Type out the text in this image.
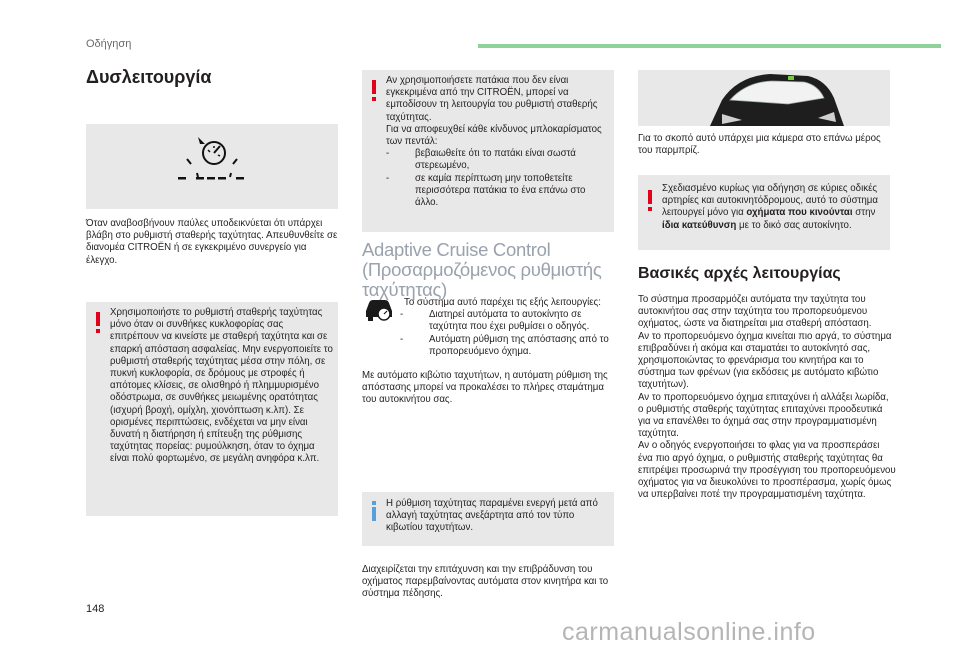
Οδήγηση
Δυσλειτουργία
Όταν αναβοσβήνουν παύλες υποδεικνύεται ότι υπάρχει βλάβη στο ρυθμιστή σταθερής ταχύτητας. Απευθυνθείτε σε διανομέα CITROËN ή σε εγκεκριμένο συνεργείο για έλεγχο.
Χρησιμοποιήστε το ρυθμιστή σταθερής ταχύτητας μόνο όταν οι συνθήκες κυκλοφορίας σας επιτρέπουν να κινείστε με σταθερή ταχύτητα και σε επαρκή απόσταση ασφαλείας. Μην ενεργοποιείτε το ρυθμιστή σταθερής ταχύτητας μέσα στην πόλη, σε πυκνή κυκλοφορία, σε δρόμους με στροφές ή απότομες κλίσεις, σε ολισθηρό ή πλημμυρισμένο οδόστρωμα, σε συνθήκες μειωμένης ορατότητας (ισχυρή βροχή, ομίχλη, χιονόπτωση κ.λπ). Σε ορισμένες περιπτώσεις, ενδέχεται να μην είναι δυνατή η διατήρηση ή επίτευξη της ρύθμισης ταχύτητας πορείας: ρυμούλκηση, όταν το όχημα είναι πολύ φορτωμένο, σε μεγάλη ανηφόρα κ.λπ.
Αν χρησιμοποιήσετε πατάκια που δεν είναι εγκεκριμένα από την CITROËN, μπορεί να εμποδίσουν τη λειτουργία του ρυθμιστή σταθερής ταχύτητας.
Για να αποφευχθεί κάθε κίνδυνος μπλοκαρίσματος των πεντάλ:
- βεβαιωθείτε ότι το πατάκι είναι σωστά στερεωμένο,
- σε καμία περίπτωση μην τοποθετείτε περισσότερα πατάκια το ένα επάνω στο άλλο.
Adaptive Cruise Control (Προσαρμοζόμενος ρυθμιστής ταχύτητας)
Το σύστημα αυτό παρέχει τις εξής λειτουργίες:
- Διατηρεί αυτόματα το αυτοκίνητο σε ταχύτητα που έχει ρυθμίσει ο οδηγός.
- Αυτόματη ρύθμιση της απόστασης από το προπορευόμενο όχημα.
Με αυτόματο κιβώτιο ταχυτήτων, η αυτόματη ρύθμιση της απόστασης μπορεί να προκαλέσει το πλήρες σταμάτημα του αυτοκινήτου σας.
Η ρύθμιση ταχύτητας παραμένει ενεργή μετά από αλλαγή ταχύτητας ανεξάρτητα από τον τύπο κιβωτίου ταχυτήτων.
Διαχειρίζεται την επιτάχυνση και την επιβράδυνση του οχήματος παρεμβαίνοντας αυτόματα στον κινητήρα και το σύστημα πέδησης.
Για το σκοπό αυτό υπάρχει μια κάμερα στο επάνω μέρος του παρμπρίζ.
Σχεδιασμένο κυρίως για οδήγηση σε κύριες οδικές αρτηρίες και αυτοκινητόδρομους, αυτό το σύστημα λειτουργεί μόνο για οχήματα που κινούνται στην ίδια κατεύθυνση με το δικό σας αυτοκίνητο.
Βασικές αρχές λειτουργίας
Το σύστημα προσαρμόζει αυτόματα την ταχύτητα του αυτοκινήτου σας στην ταχύτητα του προπορευόμενου οχήματος, ώστε να διατηρείται μια σταθερή απόσταση.
Αν το προπορευόμενο όχημα κινείται πιο αργά, το σύστημα επιβραδύνει ή ακόμα και σταματάει το αυτοκίνητό σας, χρησιμοποιώντας το φρενάρισμα του κινητήρα και το σύστημα των φρένων (για εκδόσεις με αυτόματο κιβώτιο ταχυτήτων).
Αν το προπορευόμενο όχημα επιταχύνει ή αλλάξει λωρίδα, ο ρυθμιστής σταθερής ταχύτητας επιταχύνει προοδευτικά για να επανέλθει το όχημά σας στην προγραμματισμένη ταχύτητα.
Αν ο οδηγός ενεργοποιήσει το φλας για να προσπεράσει ένα πιο αργό όχημα, ο ρυθμιστής σταθερής ταχύτητας θα επιτρέψει προσωρινά την προσέγγιση του προπορευόμενου οχήματος για να διευκολύνει το προσπέρασμα, χωρίς όμως να υπερβαίνει ποτέ την προγραμματισμένη ταχύτητα.
148
carmanualsonline.info
